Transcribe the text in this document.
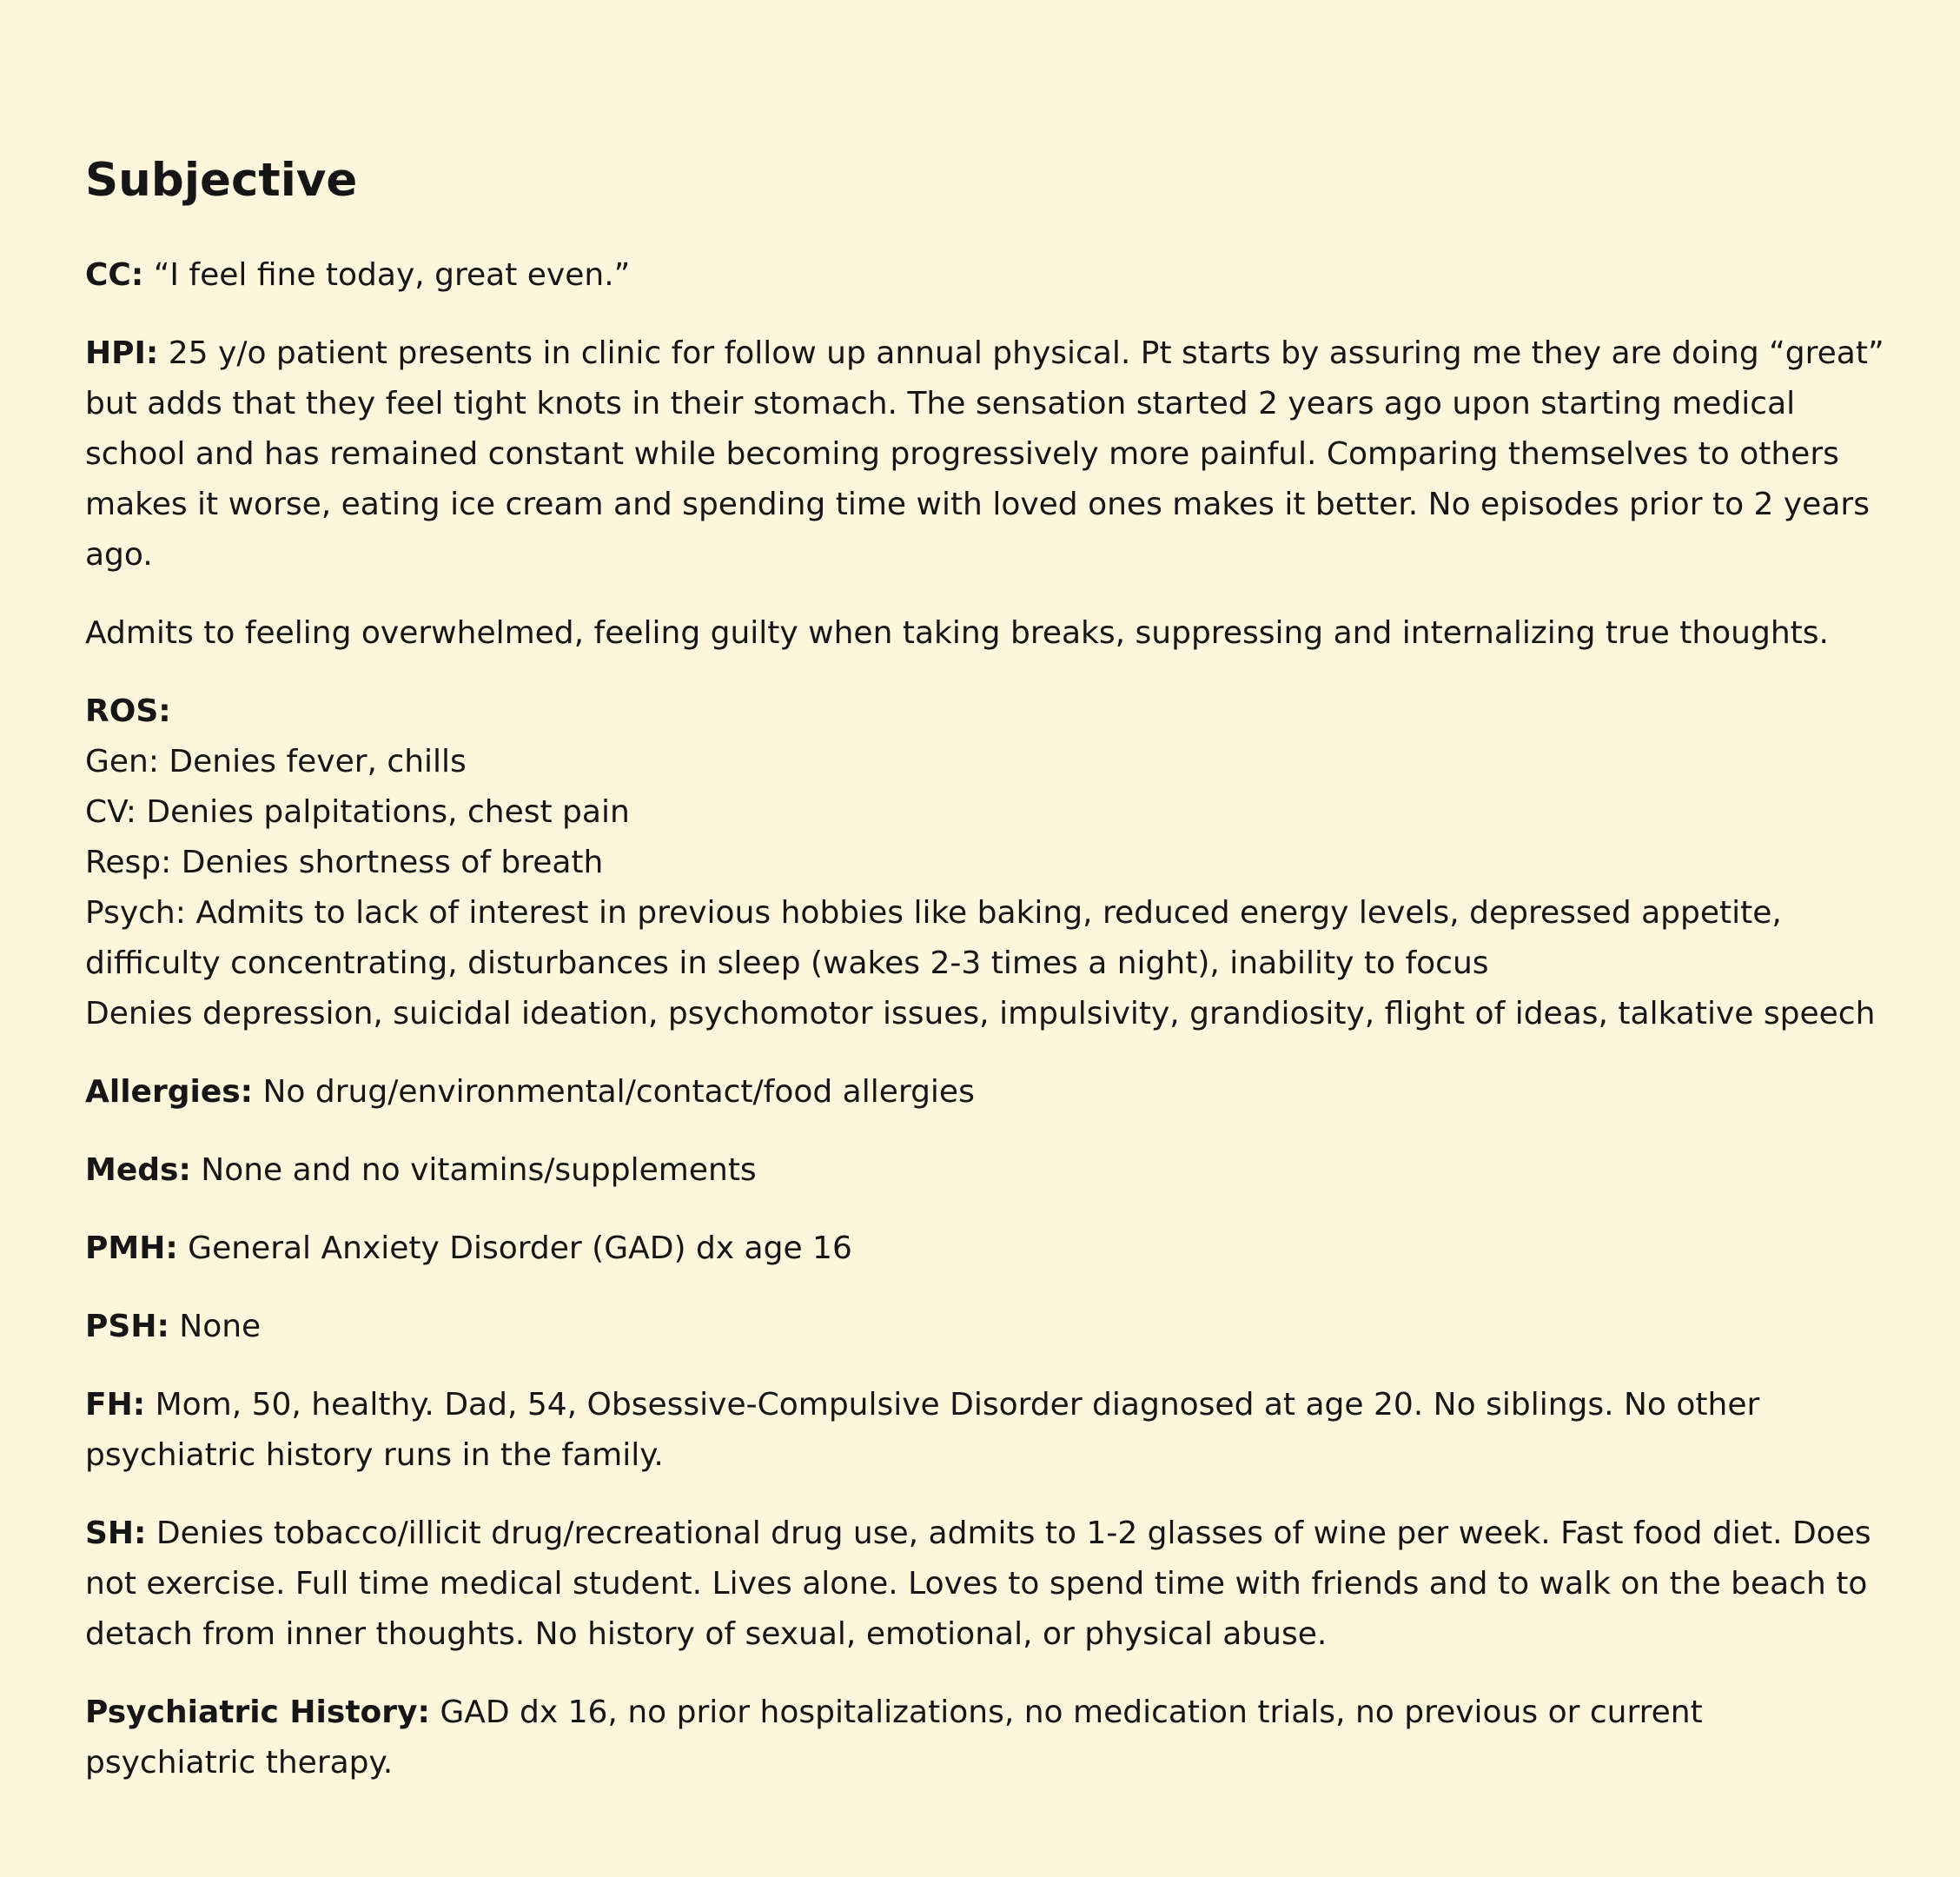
Subjective

CC: “I feel fine today, great even.”

HPI: 25 y/o patient presents in clinic for follow up annual physical. Pt starts by assuring me they are doing “great” but adds that they feel tight knots in their stomach. The sensation started 2 years ago upon starting medical school and has remained constant while becoming progressively more painful. Comparing themselves to others makes it worse, eating ice cream and spending time with loved ones makes it better. No episodes prior to 2 years ago.

Admits to feeling overwhelmed, feeling guilty when taking breaks, suppressing and internalizing true thoughts.

ROS:
Gen: Denies fever, chills
CV: Denies palpitations, chest pain
Resp: Denies shortness of breath
Psych: Admits to lack of interest in previous hobbies like baking, reduced energy levels, depressed appetite, difficulty concentrating, disturbances in sleep (wakes 2-3 times a night), inability to focus
Denies depression, suicidal ideation, psychomotor issues, impulsivity, grandiosity, flight of ideas, talkative speech

Allergies: No drug/environmental/contact/food allergies

Meds: None and no vitamins/supplements

PMH: General Anxiety Disorder (GAD) dx age 16

PSH: None

FH: Mom, 50, healthy. Dad, 54, Obsessive-Compulsive Disorder diagnosed at age 20. No siblings. No other psychiatric history runs in the family.

SH: Denies tobacco/illicit drug/recreational drug use, admits to 1-2 glasses of wine per week. Fast food diet. Does not exercise. Full time medical student. Lives alone. Loves to spend time with friends and to walk on the beach to detach from inner thoughts. No history of sexual, emotional, or physical abuse.

Psychiatric History: GAD dx 16, no prior hospitalizations, no medication trials, no previous or current psychiatric therapy.
